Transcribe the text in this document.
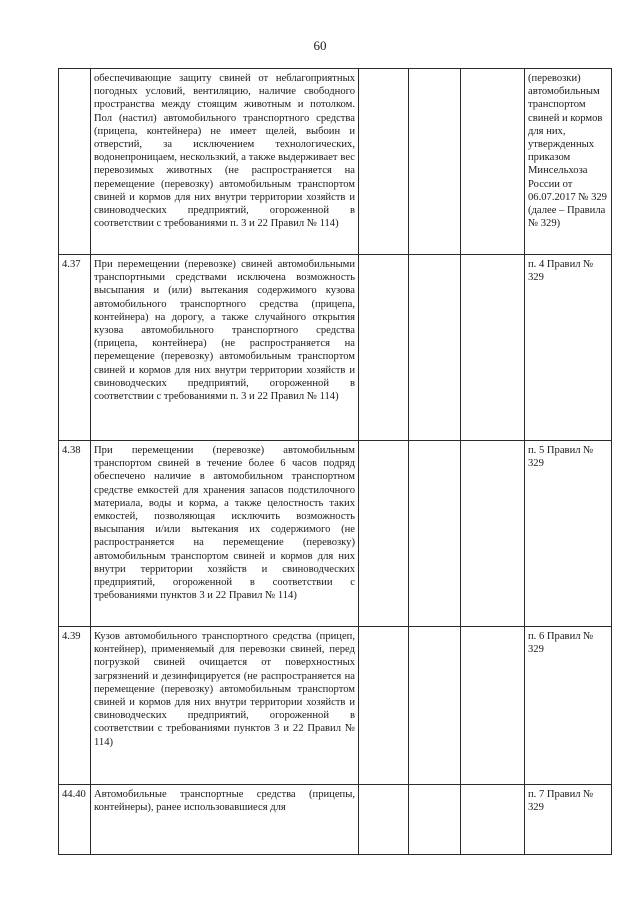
60
	обеспечивающие защиту свиней от неблагоприятных погодных условий, вентиляцию, наличие свободного пространства между стоящим животным и потолком. Пол (настил) автомобильного транспортного средства (прицепа, контейнера) не имеет щелей, выбоин и отверстий, за исключением технологических, водонепроницаем, нескользкий, а также выдерживает вес перевозимых животных (не распространяется на перемещение (перевозку) автомобильным транспортом свиней и кормов для них внутри территории хозяйств и свиноводческих предприятий, огороженной в соответствии с требованиями п. 3 и 22 Правил № 114)				(перевозки) автомобильным транспортом свиней и кормов для них, утвержденных приказом Минсельхоза России от 06.07.2017 № 329 (далее – Правила № 329)
4.37	При перемещении (перевозке) свиней автомобильными транспортными средствами исключена возможность высыпания и (или) вытекания содержимого кузова автомобильного транспортного средства (прицепа, контейнера) на дорогу, а также случайного открытия кузова автомобильного транспортного средства (прицепа, контейнера) (не распространяется на перемещение (перевозку) автомобильным транспортом свиней и кормов для них внутри территории хозяйств и свиноводческих предприятий, огороженной в соответствии с требованиями п. 3 и 22 Правил № 114)				п. 4 Правил № 329
4.38	При перемещении (перевозке) автомобильным транспортом свиней в течение более 6 часов подряд обеспечено наличие в автомобильном транспортном средстве емкостей для хранения запасов подстилочного материала, воды и корма, а также целостность таких емкостей, позволяющая исключить возможность высыпания и/или вытекания их содержимого (не распространяется на перемещение (перевозку) автомобильным транспортом свиней и кормов для них внутри территории хозяйств и свиноводческих предприятий, огороженной в соответствии с требованиями пунктов 3 и 22 Правил № 114)				п. 5 Правил № 329
4.39	Кузов автомобильного транспортного средства (прицеп, контейнер), применяемый для перевозки свиней, перед погрузкой свиней очищается от поверхностных загрязнений и дезинфицируется (не распространяется на перемещение (перевозку) автомобильным транспортом свиней и кормов для них внутри территории хозяйств и свиноводческих предприятий, огороженной в соответствии с требованиями пунктов 3 и 22 Правил № 114)				п. 6 Правил № 329
44.40	Автомобильные транспортные средства (прицепы, контейнеры), ранее использовавшиеся для				п. 7 Правил № 329
